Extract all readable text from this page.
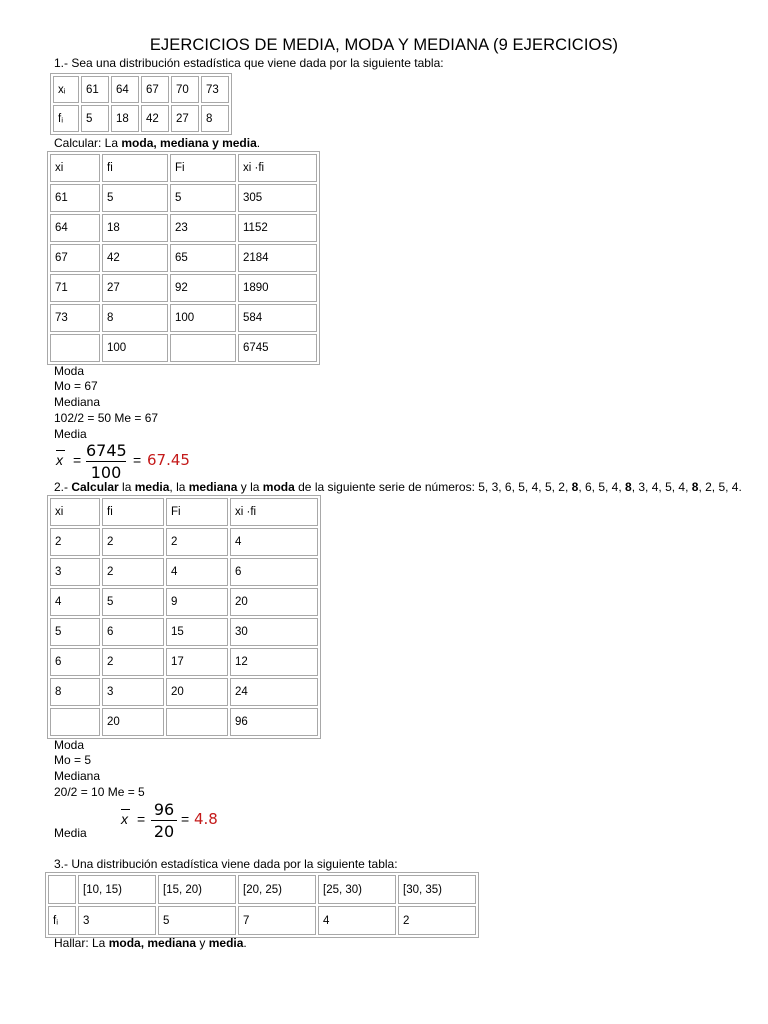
EJERCICIOS DE MEDIA, MODA Y MEDIANA (9 EJERCICIOS)
1.- Sea una distribución estadística que viene dada por la siguiente tabla:
xᵢ	61	64	67	70	73
fᵢ	5	18	42	27	8
Calcular: La moda, mediana y media.
xi	fi	Fi	xi ·fi
61	5	5	305
64	18	23	1152
67	42	65	2184
71	27	92	1890
73	8	100	584
	100		6745
Moda
Mo = 67
Mediana
102/2 = 50 Me = 67
Media
x = 6745
100
= 67.45
2.- Calcular la media, la mediana y la moda de la siguiente serie de números: 5, 3, 6, 5, 4, 5, 2, 8, 6, 5, 4, 8, 3, 4, 5, 4, 8, 2, 5, 4.
xi	fi	Fi	xi ·fi
2	2	2	4
3	2	4	6
4	5	9	20
5	6	15	30
6	2	17	12
8	3	20	24
	20		96
Moda
Mo = 5
Mediana
20/2 = 10 Me = 5
x = 96
20
= 4.8
Media
3.- Una distribución estadística viene dada por la siguiente tabla:
	[10, 15)	[15, 20)	[20, 25)	[25, 30)	[30, 35)
fᵢ	3	5	7	4	2
Hallar: La moda, mediana y media.
